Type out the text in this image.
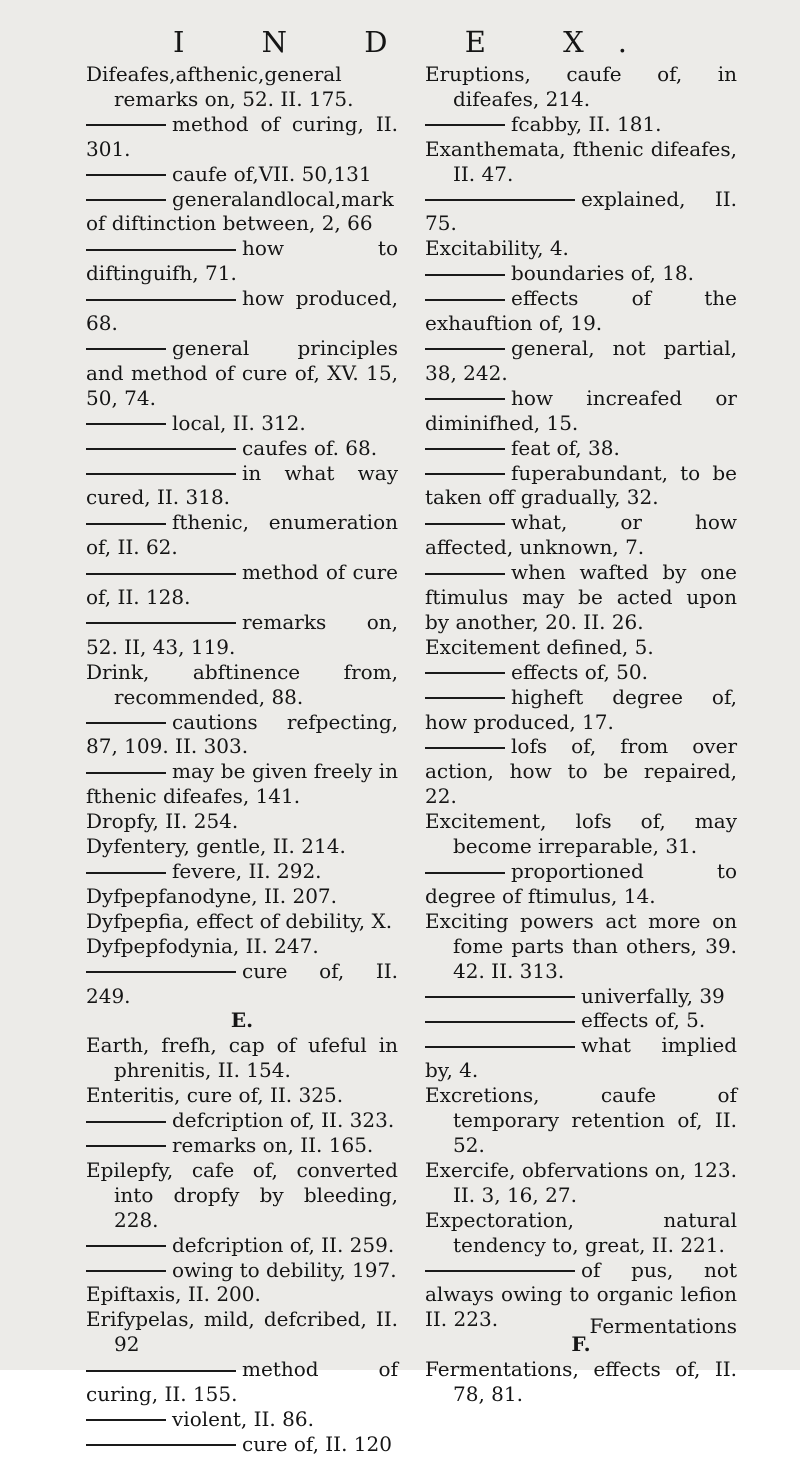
I N D E X.

Difeafes,afthenic,general remarks on, 52. II. 175.

method of curing, II. 301.

caufe of,VII. 50,131

generalandlocal,mark of diftinction between, 2, 66

how to diftinguifh, 71.

how produced, 68.

general principles and method of cure of, XV. 15, 50, 74.

local, II. 312.

caufes of. 68.

in what way cured, II. 318.

fthenic, enumeration of, II. 62.

method of cure of, II. 128.

remarks on, 52. II, 43, 119.

Drink, abftinence from, recommended, 88.

cautions refpecting, 87, 109. II. 303.

may be given freely in fthenic difeafes, 141.

Dropfy, II. 254.

Dyfentery, gentle, II. 214.

fevere, II. 292.

Dyfpepfanodyne, II. 207.

Dyfpepfia, effect of debility, X.

Dyfpepfodynia, II. 247.

cure of, II. 249.

E.

Earth, frefh, cap of ufeful in phrenitis, II. 154.

Enteritis, cure of, II. 325.

defcription of, II. 323.

remarks on, II. 165.

Epilepfy, cafe of, converted into dropfy by bleeding, 228.

defcription of, II. 259.

owing to debility, 197.

Epiftaxis, II. 200.

Erifypelas, mild, defcribed, II. 92

method of curing, II. 155.

violent, II. 86.

cure of, II. 120

Eruptions, caufe of, in difeafes, 214.

fcabby, II. 181.

Exanthemata, fthenic difeafes, II. 47.

explained, II. 75.

Excitability, 4.

boundaries of, 18.

effects of the exhauftion of, 19.

general, not partial, 38, 242.

how increafed or diminifhed, 15.

feat of, 38.

fuperabundant, to be taken off gradually, 32.

what, or how affected, unknown, 7.

when wafted by one ftimulus may be acted upon by another, 20. II. 26.

Excitement defined, 5.

effects of, 50.

higheft degree of, how produced, 17.

lofs of, from over action, how to be repaired, 22.

Excitement, lofs of, may become irreparable, 31.

proportioned to degree of ftimulus, 14.

Exciting powers act more on fome parts than others, 39. 42. II. 313.

univerfally, 39

effects of, 5.

what implied by, 4.

Excretions, caufe of temporary retention of, II. 52.

Exercife, obfervations on, 123. II. 3, 16, 27.

Expectoration, natural tendency to, great, II. 221.

of pus, not always owing to organic lefion II. 223.

F.

Fermentations, effects of, II. 78, 81.

Fermentations
